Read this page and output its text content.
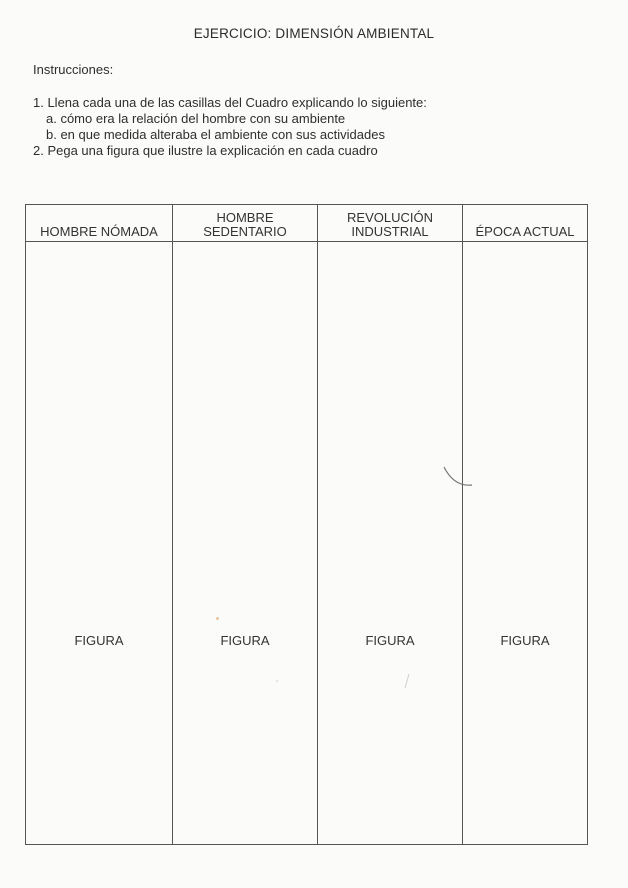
EJERCICIO: DIMENSIÓN AMBIENTAL
Instrucciones:
1. Llena cada una de las casillas del Cuadro explicando lo siguiente:
a. cómo era la relación del hombre con su ambiente
b. en que medida alteraba el ambiente con sus actividades
2. Pega una figura que ilustre la explicación en cada cuadro
HOMBRE NÓMADA
FIGURA
HOMBRE
SEDENTARIO
FIGURA
REVOLUCIÓN
INDUSTRIAL
FIGURA
ÉPOCA ACTUAL
FIGURA
